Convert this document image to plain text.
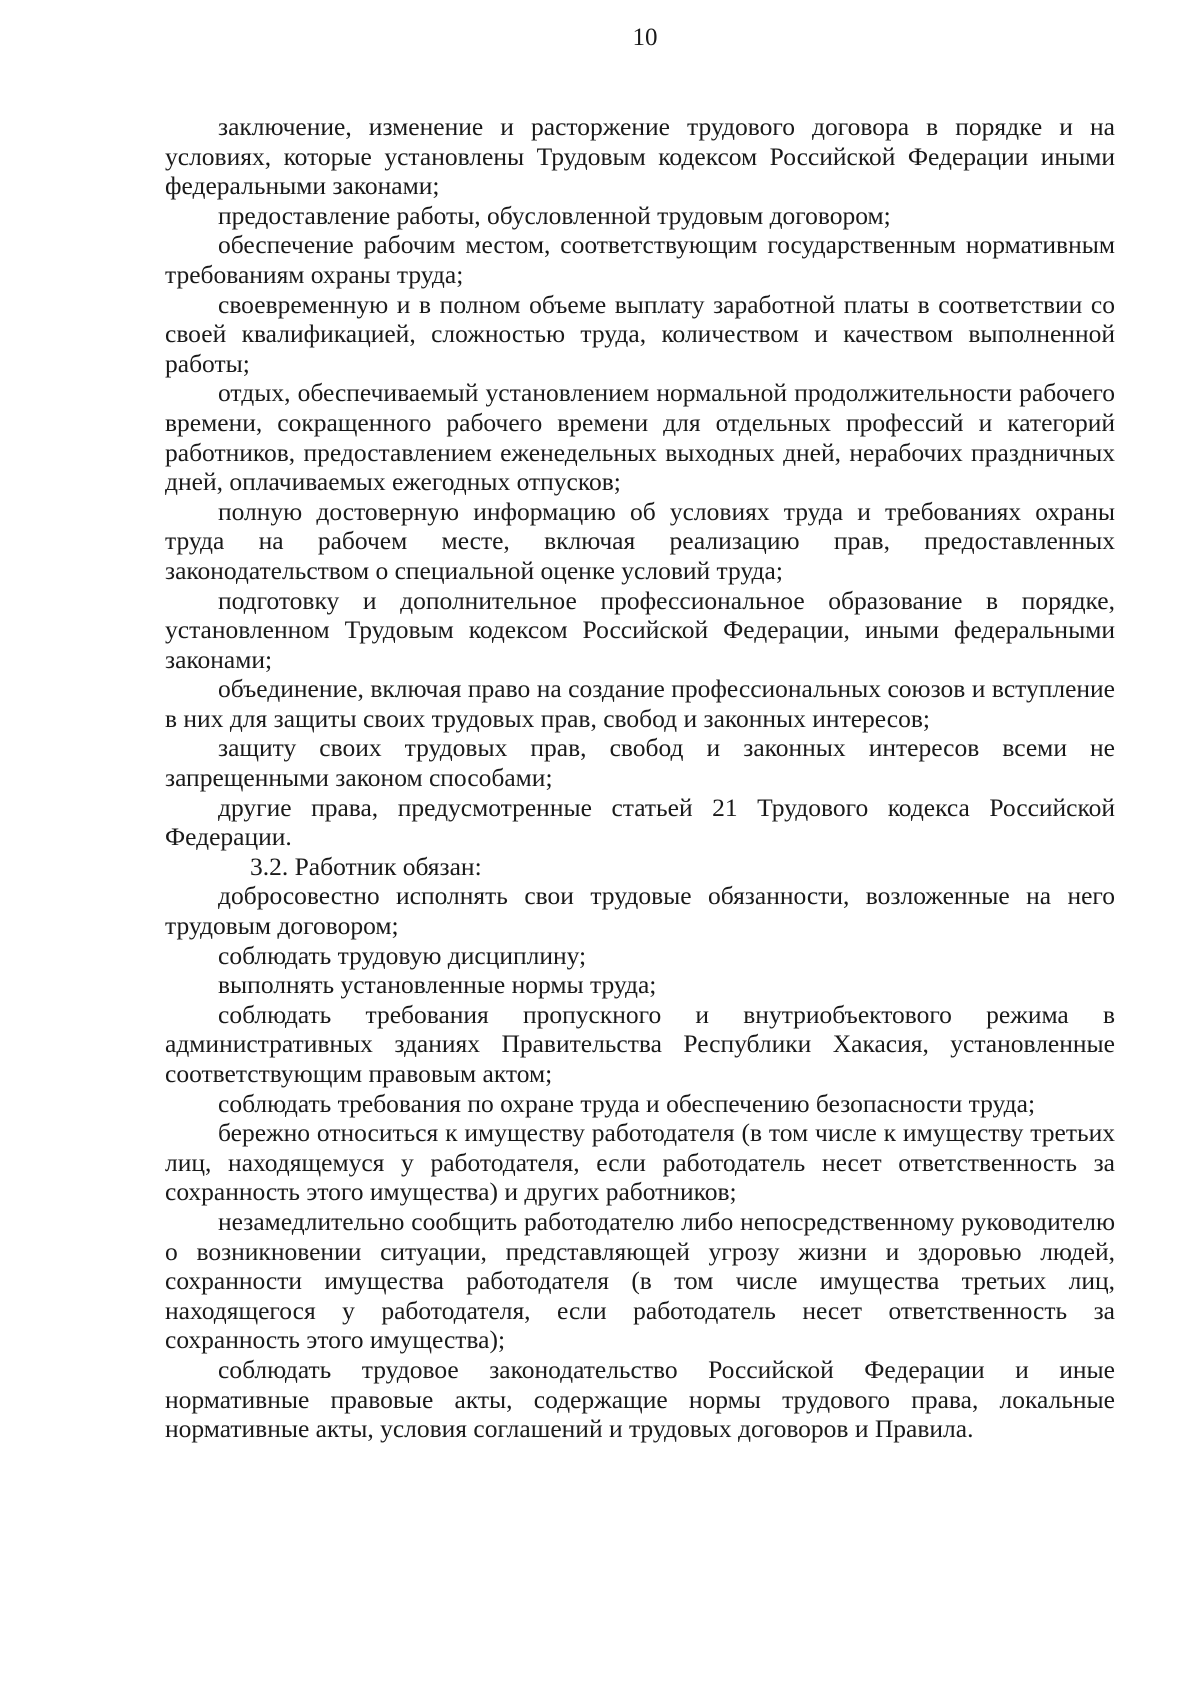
10

заключение, изменение и расторжение трудового договора в порядке и на условиях, которые установлены Трудовым кодексом Российской Федерации иными федеральными законами;

предоставление работы, обусловленной трудовым договором;

обеспечение рабочим местом, соответствующим государственным нормативным требованиям охраны труда;

своевременную и в полном объеме выплату заработной платы в соответствии со своей квалификацией, сложностью труда, количеством и качеством выполненной работы;

отдых, обеспечиваемый установлением нормальной продолжительности рабочего времени, сокращенного рабочего времени для отдельных профессий и категорий работников, предоставлением еженедельных выходных дней, нерабочих праздничных дней, оплачиваемых ежегодных отпусков;

полную достоверную информацию об условиях труда и требованиях охраны труда на рабочем месте, включая реализацию прав, предоставленных законодательством о специальной оценке условий труда;

подготовку и дополнительное профессиональное образование в порядке, установленном Трудовым кодексом Российской Федерации, иными федеральными законами;

объединение, включая право на создание профессиональных союзов и вступление в них для защиты своих трудовых прав, свобод и законных интересов;

защиту своих трудовых прав, свобод и законных интересов всеми не запрещенными законом способами;

другие права, предусмотренные статьей 21 Трудового кодекса Российской Федерации.

3.2. Работник обязан:

добросовестно исполнять свои трудовые обязанности, возложенные на него трудовым договором;

соблюдать трудовую дисциплину;

выполнять установленные нормы труда;

соблюдать требования пропускного и внутриобъектового режима в административных зданиях Правительства Республики Хакасия, установленные соответствующим правовым актом;

соблюдать требования по охране труда и обеспечению безопасности труда;

бережно относиться к имуществу работодателя (в том числе к имуществу третьих лиц, находящемуся у работодателя, если работодатель несет ответственность за сохранность этого имущества) и других работников;

незамедлительно сообщить работодателю либо непосредственному руководителю о возникновении ситуации, представляющей угрозу жизни и здоровью людей, сохранности имущества работодателя (в том числе имущества третьих лиц, находящегося у работодателя, если работодатель несет ответственность за сохранность этого имущества);

соблюдать трудовое законодательство Российской Федерации и иные нормативные правовые акты, содержащие нормы трудового права, локальные нормативные акты, условия соглашений и трудовых договоров и Правила.
